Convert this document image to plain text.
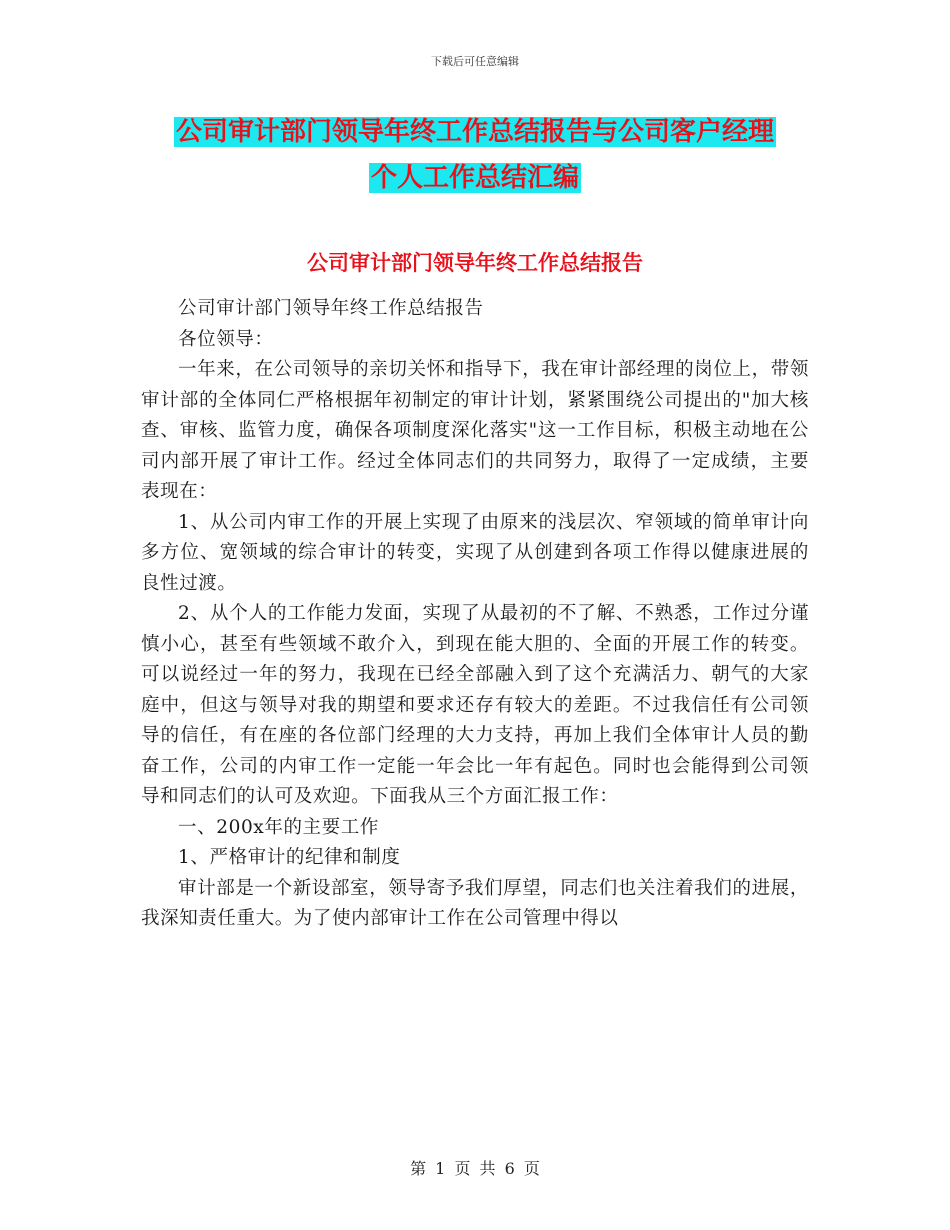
下载后可任意编辑
公司审计部门领导年终工作总结报告与公司客户经理
个人工作总结汇编
公司审计部门领导年终工作总结报告

公司审计部门领导年终工作总结报告

各位领导：

一年来，在公司领导的亲切关怀和指导下，我在审计部经理的岗位上，带领审计部的全体同仁严格根据年初制定的审计计划，紧紧围绕公司提出的"加大核查、审核、监管力度，确保各项制度深化落实"这一工作目标，积极主动地在公司内部开展了审计工作。经过全体同志们的共同努力，取得了一定成绩，主要表现在：

1、从公司内审工作的开展上实现了由原来的浅层次、窄领域的简单审计向多方位、宽领域的综合审计的转变，实现了从创建到各项工作得以健康进展的良性过渡。

2、从个人的工作能力发面，实现了从最初的不了解、不熟悉，工作过分谨慎小心，甚至有些领域不敢介入，到现在能大胆的、全面的开展工作的转变。可以说经过一年的努力，我现在已经全部融入到了这个充满活力、朝气的大家庭中，但这与领导对我的期望和要求还存有较大的差距。不过我信任有公司领导的信任，有在座的各位部门经理的大力支持，再加上我们全体审计人员的勤奋工作，公司的内审工作一定能一年会比一年有起色。同时也会能得到公司领导和同志们的认可及欢迎。下面我从三个方面汇报工作：

一、200x年的主要工作

1、严格审计的纪律和制度

审计部是一个新设部室，领导寄予我们厚望，同志们也关注着我们的进展，我深知责任重大。为了使内部审计工作在公司管理中得以

第 1 页 共 6 页
